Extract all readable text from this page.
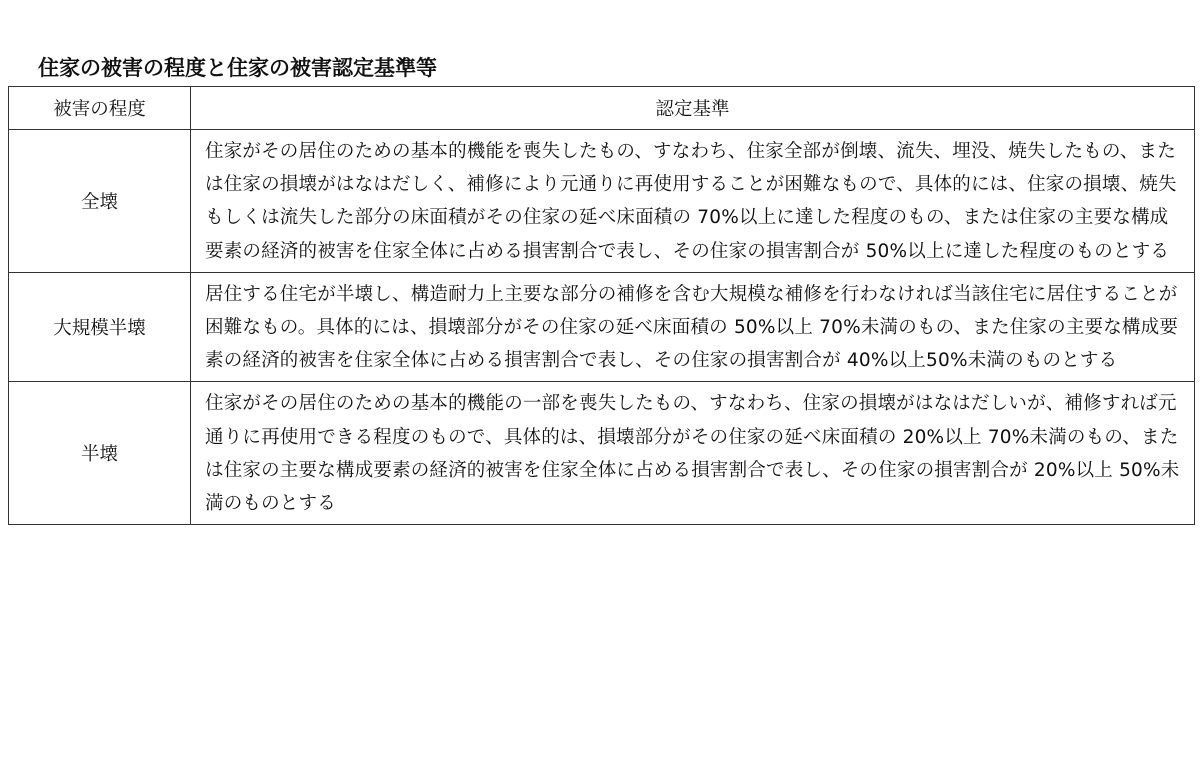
住家の被害の程度と住家の被害認定基準等
被害の程度	認定基準
全壊	住家がその居住のための基本的機能を喪失したもの、すなわち、住家全部が倒壊、流失、埋没、焼失したもの、または住家の損壊がはなはだしく、補修により元通りに再使用することが困難なもので、具体的には、住家の損壊、焼失もしくは流失した部分の床面積がその住家の延べ床面積の 70%以上に達した程度のもの、または住家の主要な構成要素の経済的被害を住家全体に占める損害割合で表し、その住家の損害割合が 50%以上に達した程度のものとする
大規模半壊	居住する住宅が半壊し、構造耐力上主要な部分の補修を含む大規模な補修を行わなければ当該住宅に居住することが困難なもの。具体的には、損壊部分がその住家の延べ床面積の 50%以上 70%未満のもの、また住家の主要な構成要素の経済的被害を住家全体に占める損害割合で表し、その住家の損害割合が 40%以上50%未満のものとする
半壊	住家がその居住のための基本的機能の一部を喪失したもの、すなわち、住家の損壊がはなはだしいが、補修すれば元通りに再使用できる程度のもので、具体的は、損壊部分がその住家の延べ床面積の 20%以上 70%未満のもの、または住家の主要な構成要素の経済的被害を住家全体に占める損害割合で表し、その住家の損害割合が 20%以上 50%未満のものとする
